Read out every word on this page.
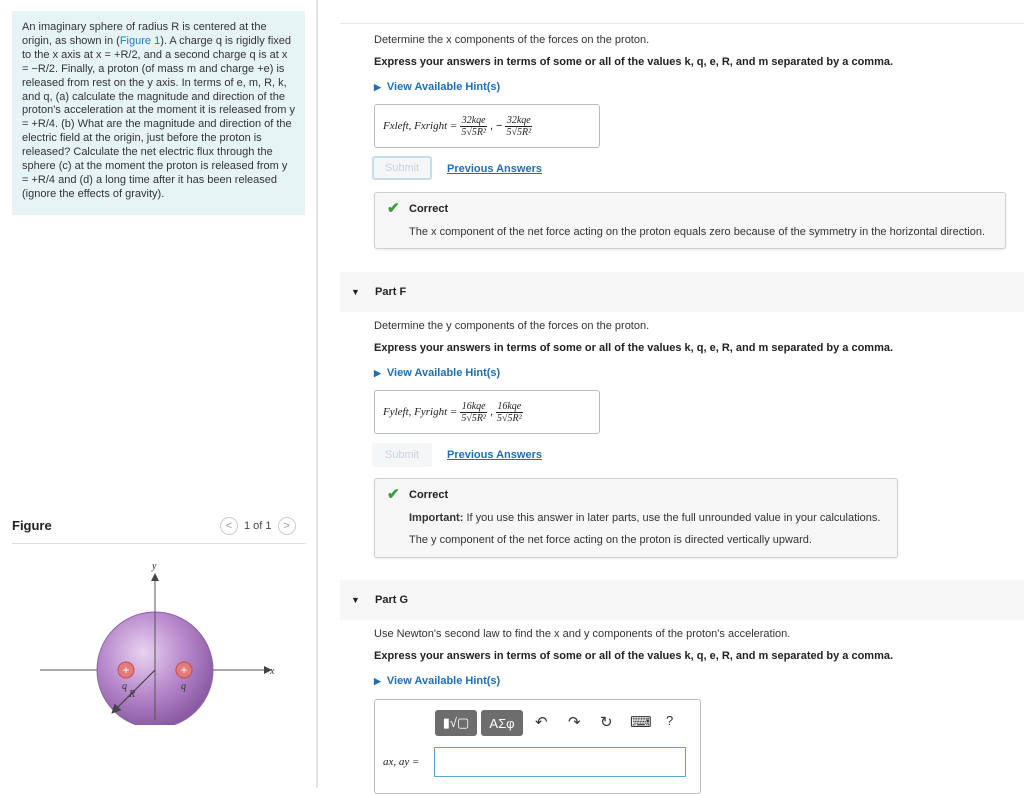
An imaginary sphere of radius R is centered at the origin, as shown in (Figure 1). A charge q is rigidly fixed to the x axis at x = +R/2, and a second charge q is at x = −R/2. Finally, a proton (of mass m and charge +e) is released from rest on the y axis. In terms of e, m, R, k, and q, (a) calculate the magnitude and direction of the proton's acceleration at the moment it is released from y = +R/4. (b) What are the magnitude and direction of the electric field at the origin, just before the proton is released? Calculate the net electric flux through the sphere (c) at the moment the proton is released from y = +R/4 and (d) a long time after it has been released (ignore the effects of gravity).
Figure	<	1 of 1	>
+	+
y
x
q	q
R
Determine the x components of the forces on the proton.
Express your answers in terms of some or all of the values k, q, e, R, and m separated by a comma.
▶ View Available Hint(s)
Fxleft, Fxright = $\frac{\text{32kqe}}{\text{5√5R²}}$ , − $\frac{\text{32kqe}}{\text{5√5R²}}$
Submit	Previous Answers
✔ Correct
The x component of the net force acting on the proton equals zero because of the symmetry in the horizontal direction.
▼ Part F
Determine the y components of the forces on the proton.
Express your answers in terms of some or all of the values k, q, e, R, and m separated by a comma.
▶ View Available Hint(s)
Fyleft, Fyright = $\frac{\text{16kqe}}{\text{5√5R²}}$ , $\frac{\text{16kqe}}{\text{5√5R²}}$
Submit	Previous Answers
✔ Correct
Important: If you use this answer in later parts, use the full unrounded value in your calculations.
The y component of the net force acting on the proton is directed vertically upward.
▼ Part G
Use Newton's second law to find the x and y components of the proton's acceleration.
Express your answers in terms of some or all of the values k, q, e, R, and m separated by a comma.
▶ View Available Hint(s)
▮√▢	ΑΣφ	↶ ↷ ↻ ⌨ ?
ax, ay =
